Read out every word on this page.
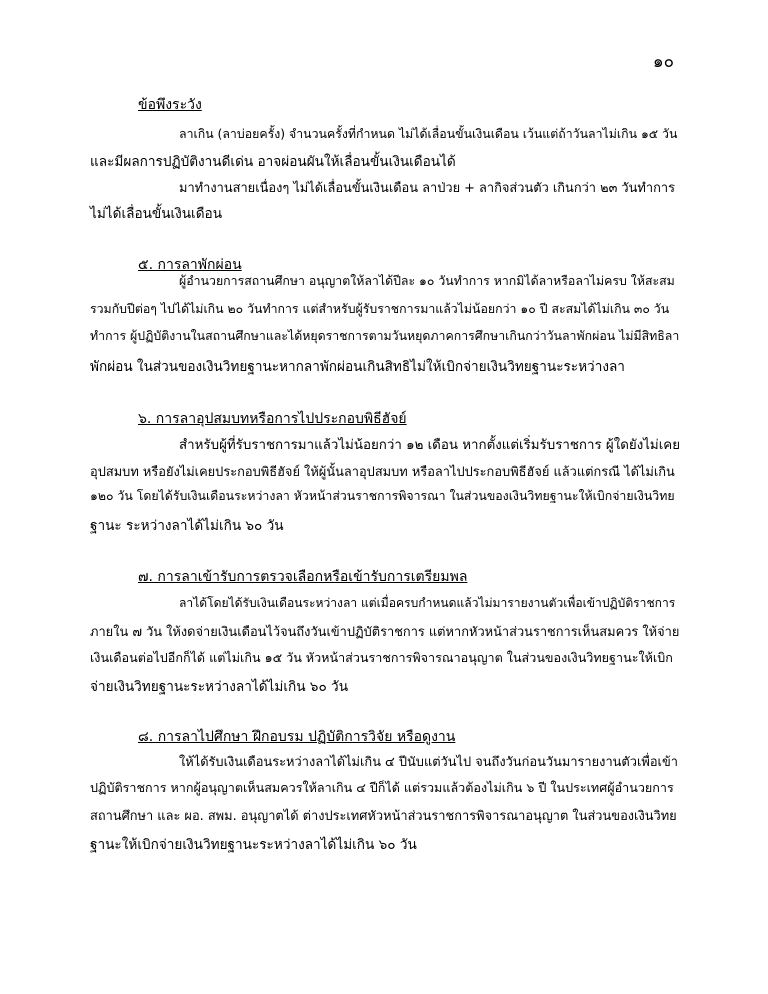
๑๐
ข้อพึงระวัง
ลาเกิน (ลาบ่อยครั้ง) จำนวนครั้งที่กำหนด ไม่ได้เลื่อนขั้นเงินเดือน เว้นแต่ถ้าวันลาไม่เกิน ๑๕ วัน
และมีผลการปฏิบัติงานดีเด่น อาจผ่อนผันให้เลื่อนขั้นเงินเดือนได้
มาทำงานสายเนื่องๆ ไม่ได้เลื่อนขั้นเงินเดือน ลาป่วย + ลากิจส่วนตัว เกินกว่า ๒๓ วันทำการ
ไม่ได้เลื่อนขั้นเงินเดือน
๕. การลาพักผ่อน
ผู้อำนวยการสถานศึกษา อนุญาตให้ลาได้ปีละ ๑๐ วันทำการ หากมิได้ลาหรือลาไม่ครบ ให้สะสม
รวมกับปีต่อๆ ไปได้ไม่เกิน ๒๐ วันทำการ แต่สำหรับผู้รับราชการมาแล้วไม่น้อยกว่า ๑๐ ปี สะสมได้ไม่เกิน ๓๐ วัน
ทำการ ผู้ปฏิบัติงานในสถานศึกษาและได้หยุดราชการตามวันหยุดภาคการศึกษาเกินกว่าวันลาพักผ่อน ไม่มีสิทธิลา
พักผ่อน ในส่วนของเงินวิทยฐานะหากลาพักผ่อนเกินสิทธิไม่ให้เบิกจ่ายเงินวิทยฐานะระหว่างลา
๖. การลาอุปสมบทหรือการไปประกอบพิธีฮัจย์
สำหรับผู้ที่รับราชการมาแล้วไม่น้อยกว่า ๑๒ เดือน หากตั้งแต่เริ่มรับราชการ ผู้ใดยังไม่เคย
อุปสมบท หรือยังไม่เคยประกอบพิธีฮัจย์ ให้ผู้นั้นลาอุปสมบท หรือลาไปประกอบพิธีฮัจย์ แล้วแต่กรณี ได้ไม่เกิน
๑๒๐ วัน โดยได้รับเงินเดือนระหว่างลา หัวหน้าส่วนราชการพิจารณา ในส่วนของเงินวิทยฐานะให้เบิกจ่ายเงินวิทย
ฐานะ ระหว่างลาได้ไม่เกิน ๖๐ วัน
๗. การลาเข้ารับการตรวจเลือกหรือเข้ารับการเตรียมพล
ลาได้โดยได้รับเงินเดือนระหว่างลา แต่เมื่อครบกำหนดแล้วไม่มารายงานตัวเพื่อเข้าปฏิบัติราชการ
ภายใน ๗ วัน ให้งดจ่ายเงินเดือนไว้จนถึงวันเข้าปฏิบัติราชการ แต่หากหัวหน้าส่วนราชการเห็นสมควร ให้จ่าย
เงินเดือนต่อไปอีกก็ได้ แต่ไม่เกิน ๑๕ วัน หัวหน้าส่วนราชการพิจารณาอนุญาต ในส่วนของเงินวิทยฐานะให้เบิก
จ่ายเงินวิทยฐานะระหว่างลาได้ไม่เกิน ๖๐ วัน
๘. การลาไปศึกษา ฝึกอบรม ปฏิบัติการวิจัย หรือดูงาน
ให้ได้รับเงินเดือนระหว่างลาได้ไม่เกิน ๔ ปีนับแต่วันไป จนถึงวันก่อนวันมารายงานตัวเพื่อเข้า
ปฏิบัติราชการ หากผู้อนุญาตเห็นสมควรให้ลาเกิน ๔ ปีก็ได้ แต่รวมแล้วต้องไม่เกิน ๖ ปี ในประเทศผู้อำนวยการ
สถานศึกษา และ ผอ. สพม. อนุญาตได้ ต่างประเทศหัวหน้าส่วนราชการพิจารณาอนุญาต ในส่วนของเงินวิทย
ฐานะให้เบิกจ่ายเงินวิทยฐานะระหว่างลาได้ไม่เกิน ๖๐ วัน
